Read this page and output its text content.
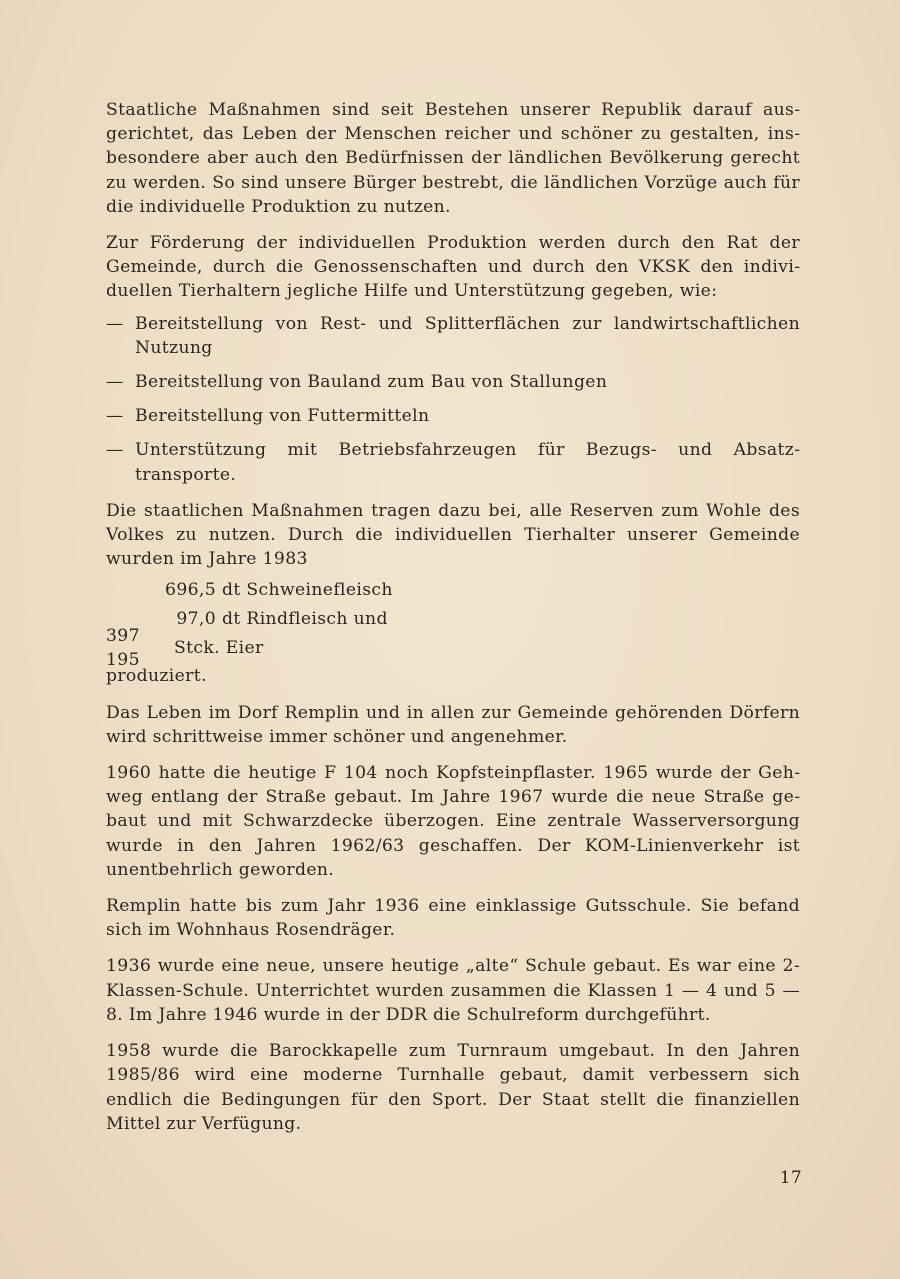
Staatliche Maßnahmen sind seit Bestehen unserer Republik darauf ausgerichtet, das Leben der Menschen reicher und schöner zu gestalten, insbesondere aber auch den Bedürfnissen der ländlichen Bevölkerung gerecht zu werden. So sind unsere Bürger bestrebt, die ländlichen Vorzüge auch für die individuelle Produktion zu nutzen.

Zur Förderung der individuellen Produktion werden durch den Rat der Gemeinde, durch die Genossenschaften und durch den VKSK den individuellen Tierhaltern jegliche Hilfe und Unterstützung gegeben, wie:

— Bereitstellung von Rest- und Splitterflächen zur landwirtschaftlichen Nutzung
— Bereitstellung von Bauland zum Bau von Stallungen
— Bereitstellung von Futtermitteln
— Unterstützung mit Betriebsfahrzeugen für Bezugs- und Absatztransporte.

Die staatlichen Maßnahmen tragen dazu bei, alle Reserven zum Wohle des Volkes zu nutzen. Durch die individuellen Tierhalter unserer Gemeinde wurden im Jahre 1983

696,5 dt Schweinefleisch
97,0 dt Rindfleisch und
397 195
Stck. Eier

produziert.

Das Leben im Dorf Remplin und in allen zur Gemeinde gehörenden Dörfern wird schrittweise immer schöner und angenehmer.

1960 hatte die heutige F 104 noch Kopfsteinpflaster. 1965 wurde der Gehweg entlang der Straße gebaut. Im Jahre 1967 wurde die neue Straße gebaut und mit Schwarzdecke überzogen. Eine zentrale Wasserversorgung wurde in den Jahren 1962/63 geschaffen. Der KOM-Linienverkehr ist unentbehrlich geworden.

Remplin hatte bis zum Jahr 1936 eine einklassige Gutsschule. Sie befand sich im Wohnhaus Rosendräger.

1936 wurde eine neue, unsere heutige „alte“ Schule gebaut. Es war eine 2-Klassen-Schule. Unterrichtet wurden zusammen die Klassen 1 — 4 und 5 — 8. Im Jahre 1946 wurde in der DDR die Schulreform durchgeführt.

1958 wurde die Barockkapelle zum Turnraum umgebaut. In den Jahren 1985/86 wird eine moderne Turnhalle gebaut, damit verbessern sich endlich die Bedingungen für den Sport. Der Staat stellt die finanziellen Mittel zur Verfügung.

17
